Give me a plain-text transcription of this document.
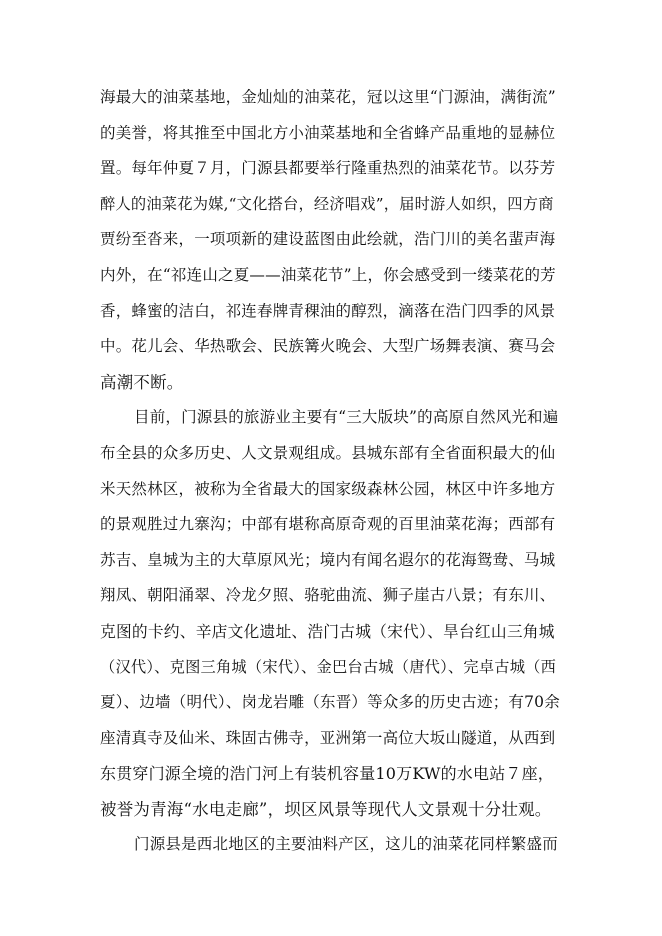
海最大的油菜基地，金灿灿的油菜花，冠以这里“门源油，满街流”
的美誉，将其推至中国北方小油菜基地和全省蜂产品重地的显赫位
置。每年仲夏７月，门源县都要举行隆重热烈的油菜花节。以芬芳
醉人的油菜花为媒,“文化搭台，经济唱戏”，届时游人如织，四方商
贾纷至沓来，一项项新的建设蓝图由此绘就，浩门川的美名蜚声海
内外，在“祁连山之夏——油菜花节”上，你会感受到一缕菜花的芳
香，蜂蜜的洁白，祁连春牌青稞油的醇烈，滴落在浩门四季的风景
中。花儿会、华热歌会、民族篝火晚会、大型广场舞表演、赛马会
高潮不断。
目前，门源县的旅游业主要有“三大版块”的高原自然风光和遍
布全县的众多历史、人文景观组成。县城东部有全省面积最大的仙
米天然林区，被称为全省最大的国家级森林公园，林区中许多地方
的景观胜过九寨沟；中部有堪称高原奇观的百里油菜花海；西部有
苏吉、皇城为主的大草原风光；境内有闻名遐尔的花海鸳鸯、马城
翔凤、朝阳涌翠、冷龙夕照、骆驼曲流、狮子崖古八景；有东川、
克图的卡约、辛店文化遗址、浩门古城（宋代）、旱台红山三角城
（汉代）、克图三角城（宋代）、金巴台古城（唐代）、完卓古城（西
夏）、边墙（明代）、岗龙岩雕（东晋）等众多的历史古迹；有70余
座清真寺及仙米、珠固古佛寺，亚洲第一高位大坂山隧道，从西到
东贯穿门源全境的浩门河上有装机容量10万KW的水电站７座，
被誉为青海“水电走廊”，坝区风景等现代人文景观十分壮观。
门源县是西北地区的主要油料产区，这儿的油菜花同样繁盛而
